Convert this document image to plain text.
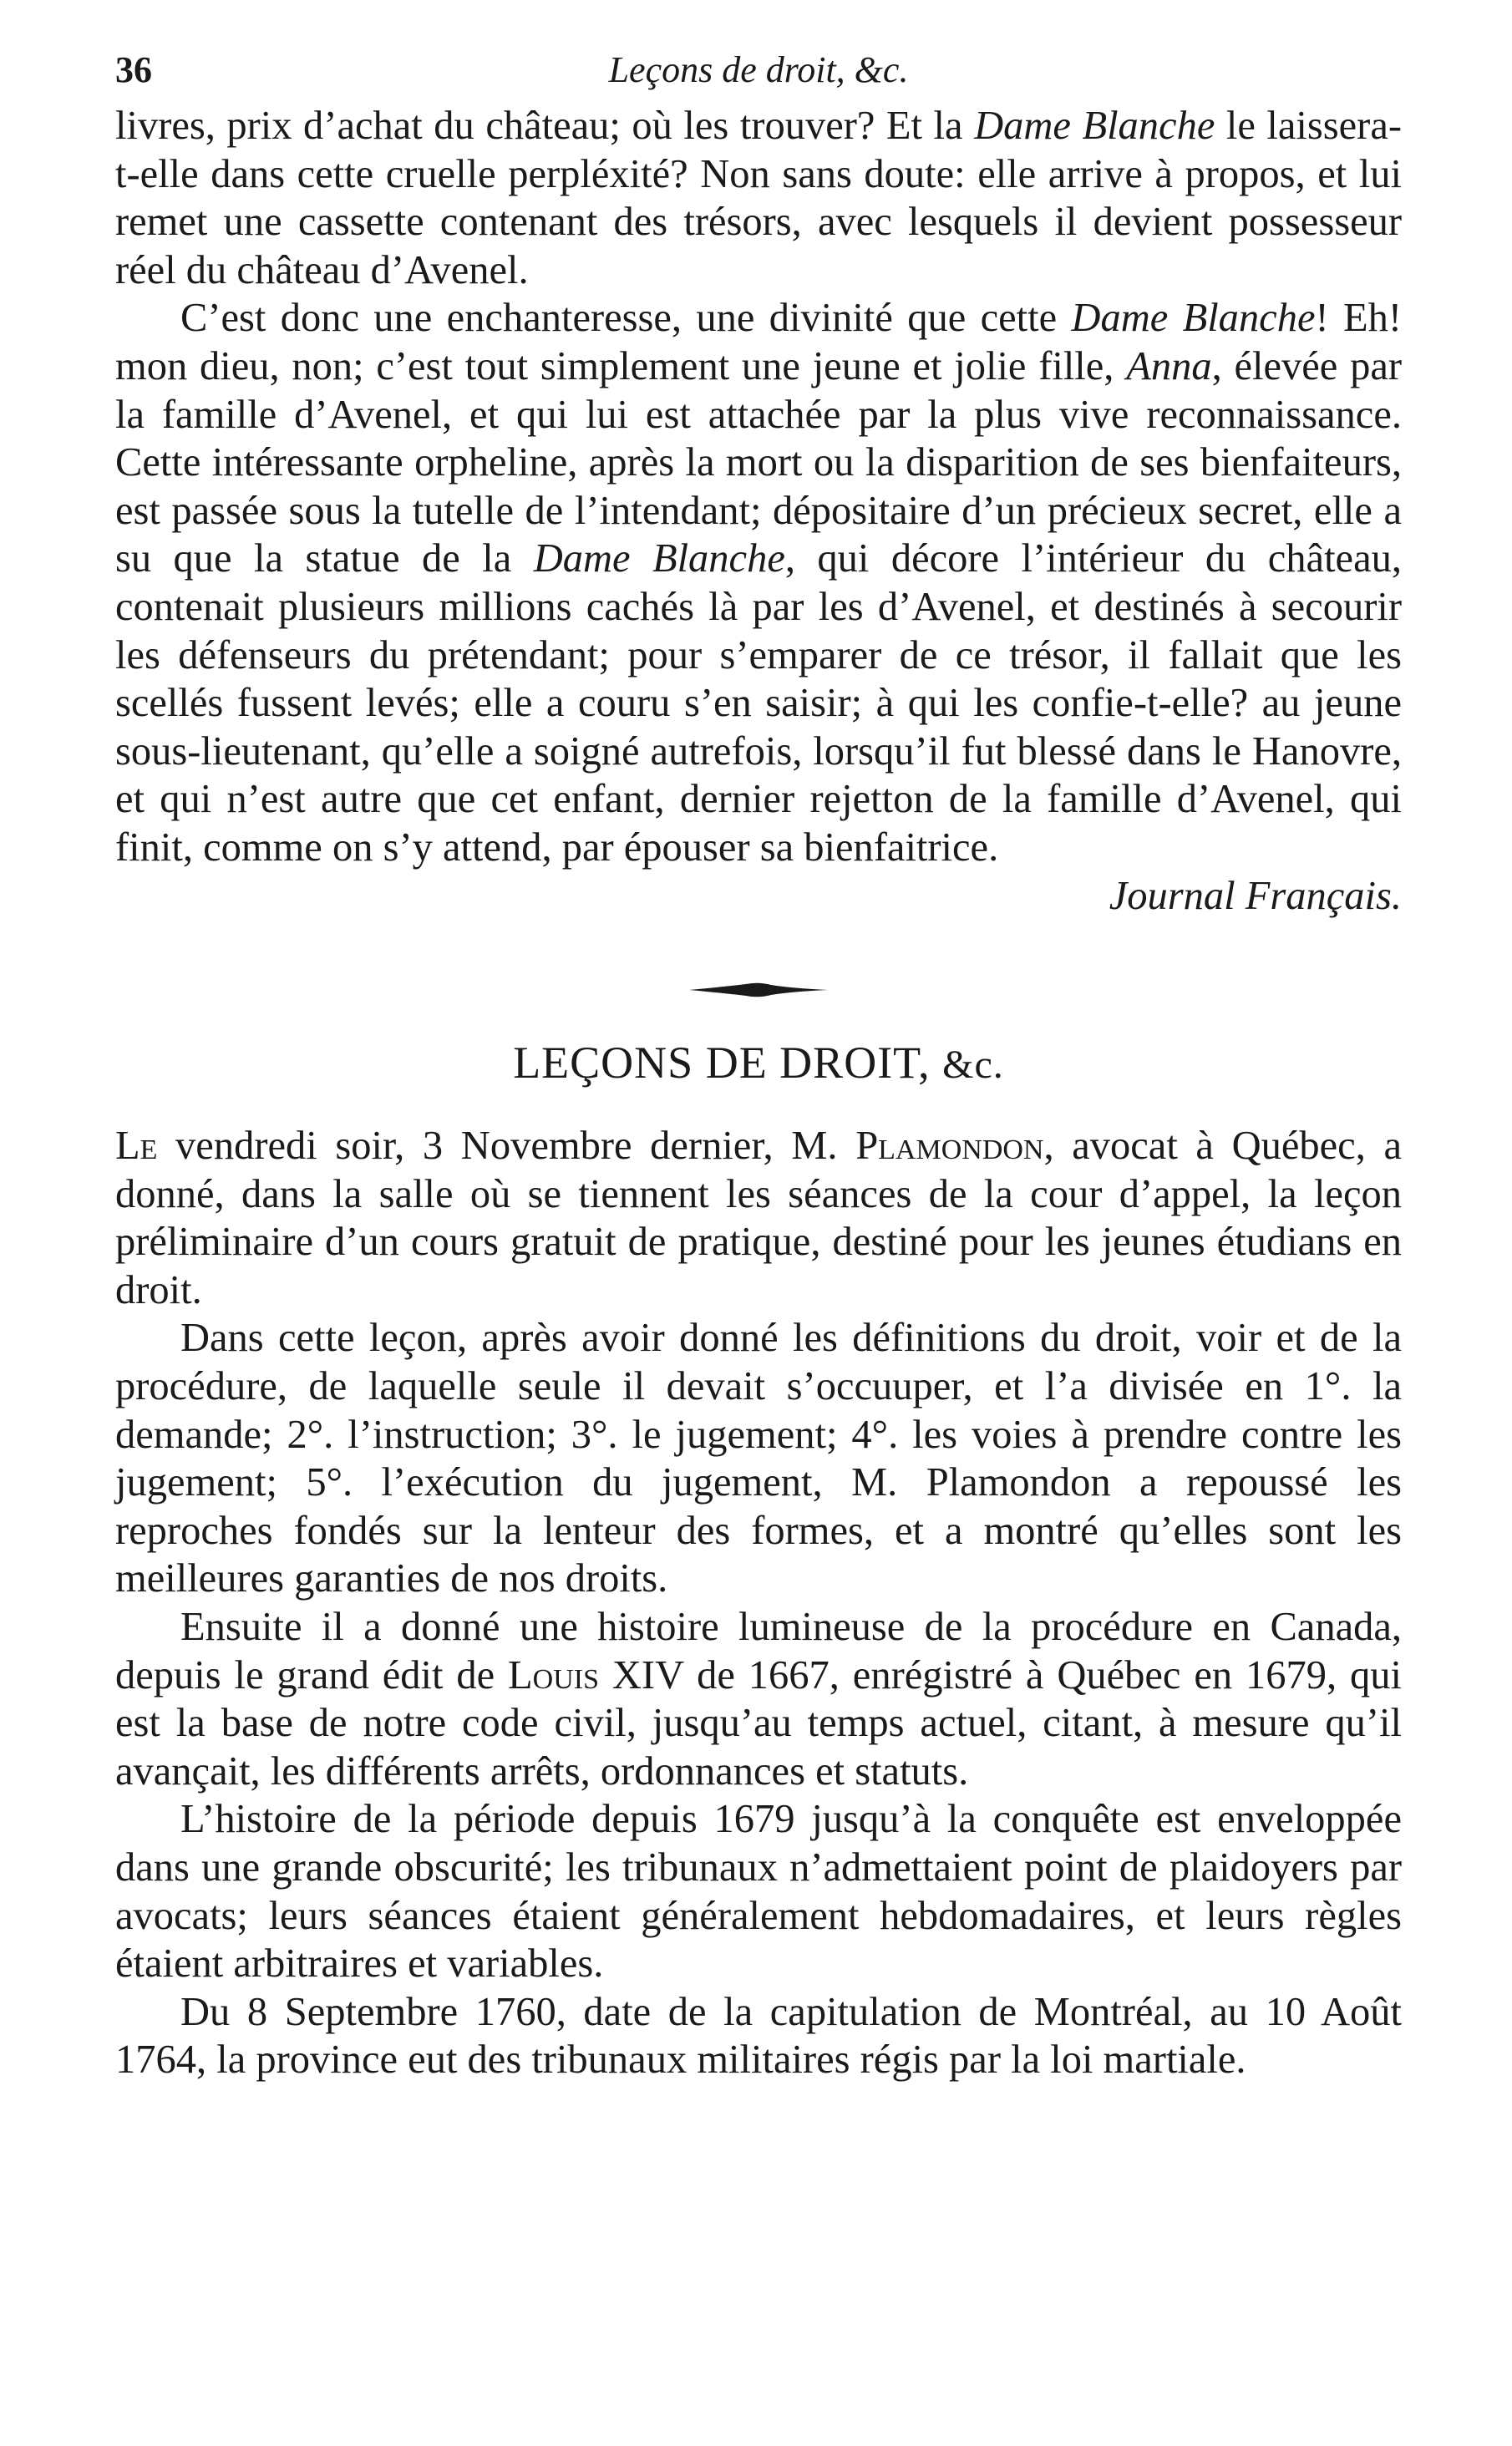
36	Leçons de droit, &c.

livres, prix d’achat du château; où les trouver? Et la Dame Blanche le laissera-t-elle dans cette cruelle perpléxité? Non sans doute: elle arrive à propos, et lui remet une cassette contenant des trésors, avec lesquels il devient possesseur réel du château d’Avenel.

C’est donc une enchanteresse, une divinité que cette Dame Blanche! Eh! mon dieu, non; c’est tout simplement une jeune et jolie fille, Anna, élevée par la famille d’Avenel, et qui lui est attachée par la plus vive reconnaissance. Cette intéressante orpheline, après la mort ou la disparition de ses bienfaiteurs, est passée sous la tutelle de l’intendant; dépositaire d’un précieux secret, elle a su que la statue de la Dame Blanche, qui décore l’intérieur du château, contenait plusieurs millions cachés là par les d’Avenel, et destinés à secourir les défenseurs du prétendant; pour s’emparer de ce trésor, il fallait que les scellés fussent levés; elle a couru s’en saisir; à qui les confie-t-elle? au jeune sous-lieutenant, qu’elle a soigné autrefois, lorsqu’il fut blessé dans le Hanovre, et qui n’est autre que cet enfant, dernier rejetton de la famille d’Avenel, qui finit, comme on s’y attend, par épouser sa bienfaitrice.

Journal Français.

LEÇONS DE DROIT, &c.

Le vendredi soir, 3 Novembre dernier, M. Plamondon, avocat à Québec, a donné, dans la salle où se tiennent les séances de la cour d’appel, la leçon préliminaire d’un cours gratuit de pratique, destiné pour les jeunes étudians en droit.

Dans cette leçon, après avoir donné les définitions du droit, voir et de la procédure, de laquelle seule il devait s’occuuper, et l’a divisée en 1°. la demande; 2°. l’instruction; 3°. le jugement; 4°. les voies à prendre contre les jugement; 5°. l’exécution du jugement, M. Plamondon a repoussé les reproches fondés sur la lenteur des formes, et a montré qu’elles sont les meilleures garanties de nos droits.

Ensuite il a donné une histoire lumineuse de la procédure en Canada, depuis le grand édit de Louis XIV de 1667, enrégistré à Québec en 1679, qui est la base de notre code civil, jusqu’au temps actuel, citant, à mesure qu’il avançait, les différents arrêts, ordonnances et statuts.

L’histoire de la période depuis 1679 jusqu’à la conquête est enveloppée dans une grande obscurité; les tribunaux n’admettaient point de plaidoyers par avocats; leurs séances étaient généralement hebdomadaires, et leurs règles étaient arbitraires et variables.

Du 8 Septembre 1760, date de la capitulation de Montréal, au 10 Août 1764, la province eut des tribunaux militaires régis par la loi martiale.
